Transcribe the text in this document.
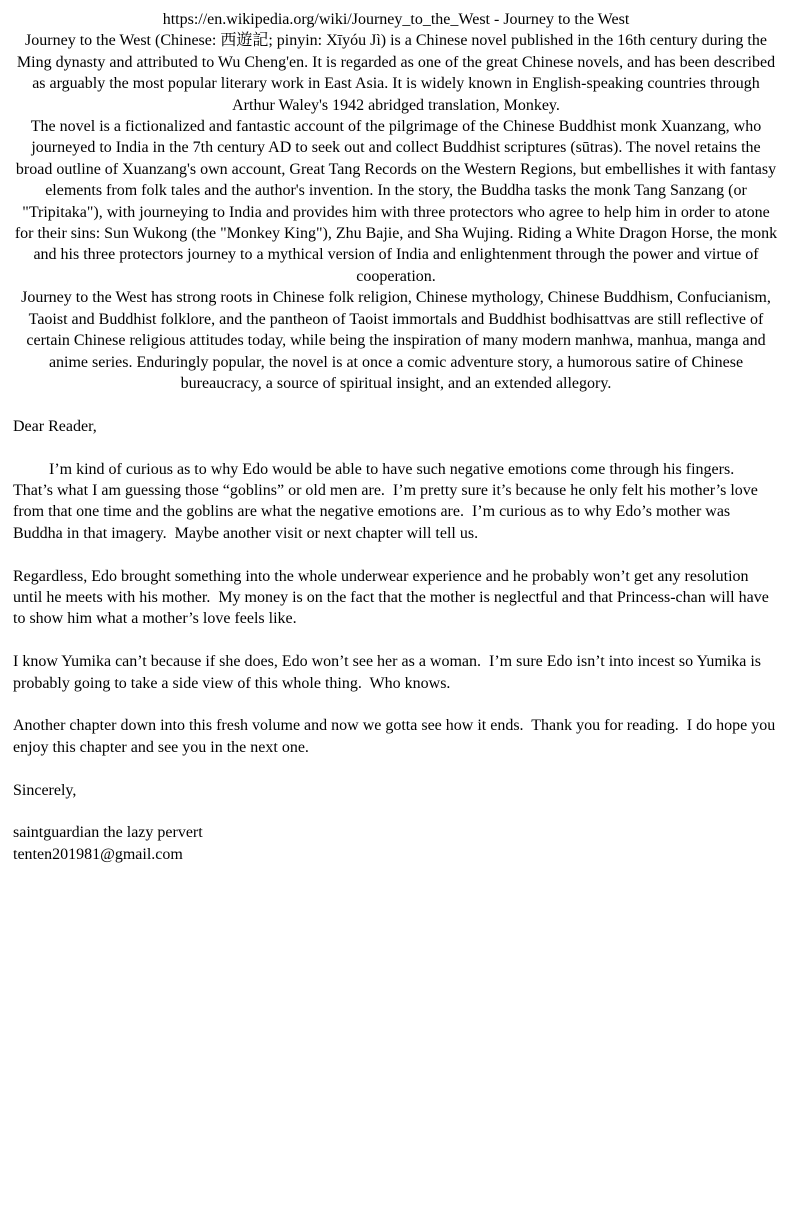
https://en.wikipedia.org/wiki/Journey_to_the_West - Journey to the West

Journey to the West (Chinese: 西遊記; pinyin: Xīyóu Jì) is a Chinese novel published in the 16th century during the Ming dynasty and attributed to Wu Cheng'en. It is regarded as one of the great Chinese novels, and has been described as arguably the most popular literary work in East Asia. It is widely known in English-speaking countries through Arthur Waley's 1942 abridged translation, Monkey.

The novel is a fictionalized and fantastic account of the pilgrimage of the Chinese Buddhist monk Xuanzang, who journeyed to India in the 7th century AD to seek out and collect Buddhist scriptures (sūtras). The novel retains the broad outline of Xuanzang's own account, Great Tang Records on the Western Regions, but embellishes it with fantasy elements from folk tales and the author's invention. In the story, the Buddha tasks the monk Tang Sanzang (or "Tripitaka"), with journeying to India and provides him with three protectors who agree to help him in order to atone for their sins: Sun Wukong (the "Monkey King"), Zhu Bajie, and Sha Wujing. Riding a White Dragon Horse, the monk and his three protectors journey to a mythical version of India and enlightenment through the power and virtue of cooperation.

Journey to the West has strong roots in Chinese folk religion, Chinese mythology, Chinese Buddhism, Confucianism, Taoist and Buddhist folklore, and the pantheon of Taoist immortals and Buddhist bodhisattvas are still reflective of certain Chinese religious attitudes today, while being the inspiration of many modern manhwa, manhua, manga and anime series. Enduringly popular, the novel is at once a comic adventure story, a humorous satire of Chinese bureaucracy, a source of spiritual insight, and an extended allegory.

Dear Reader,

I’m kind of curious as to why Edo would be able to have such negative emotions come through his fingers.  That’s what I am guessing those “goblins” or old men are.  I’m pretty sure it’s because he only felt his mother’s love from that one time and the goblins are what the negative emotions are.  I’m curious as to why Edo’s mother was Buddha in that imagery.  Maybe another visit or next chapter will tell us.

Regardless, Edo brought something into the whole underwear experience and he probably won’t get any resolution until he meets with his mother.  My money is on the fact that the mother is neglectful and that Princess-chan will have to show him what a mother’s love feels like.

I know Yumika can’t because if she does, Edo won’t see her as a woman.  I’m sure Edo isn’t into incest so Yumika is probably going to take a side view of this whole thing.  Who knows.

Another chapter down into this fresh volume and now we gotta see how it ends.  Thank you for reading.  I do hope you enjoy this chapter and see you in the next one.

Sincerely,

saintguardian the lazy pervert

tenten201981@gmail.com
